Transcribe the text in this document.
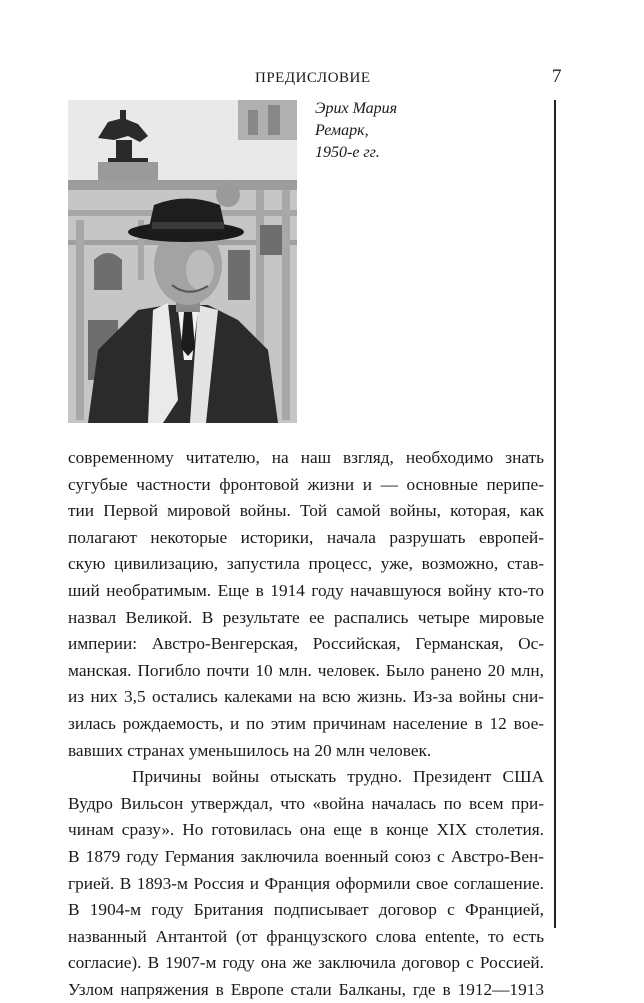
ПРЕДИСЛОВИЕ	7
Эрих Мария
Ремарк,
1950-е гг.
современному читателю, на наш взгляд, необходимо знать
сугубые частности фронтовой жизни и — основные перипе-
тии Первой мировой войны. Той самой войны, которая, как
полагают некоторые историки, начала разрушать европей-
скую цивилизацию, запустила процесс, уже, возможно, став-
ший необратимым. Еще в 1914 году начавшуюся войну кто-то
назвал Великой. В результате ее распались четыре мировые
империи: Австро-Венгерская, Российская, Германская, Ос-
манская. Погибло почти 10 млн. человек. Было ранено 20 млн,
из них 3,5 остались калеками на всю жизнь. Из-за войны сни-
зилась рождаемость, и по этим причинам население в 12 вое-
вавших странах уменьшилось на 20 млн человек.
Причины войны отыскать трудно. Президент США
Вудро Вильсон утверждал, что «война началась по всем при-
чинам сразу». Но готовилась она еще в конце XIX столетия.
В 1879 году Германия заключила военный союз с Австро-Вен-
грией. В 1893-м Россия и Франция оформили свое соглашение.
В 1904-м году Британия подписывает договор с Францией,
названный Антантой (от французского слова entente, то есть
согласие). В 1907-м году она же заключила договор с Россией.
Узлом напряжения в Европе стали Балканы, где в 1912—1913
